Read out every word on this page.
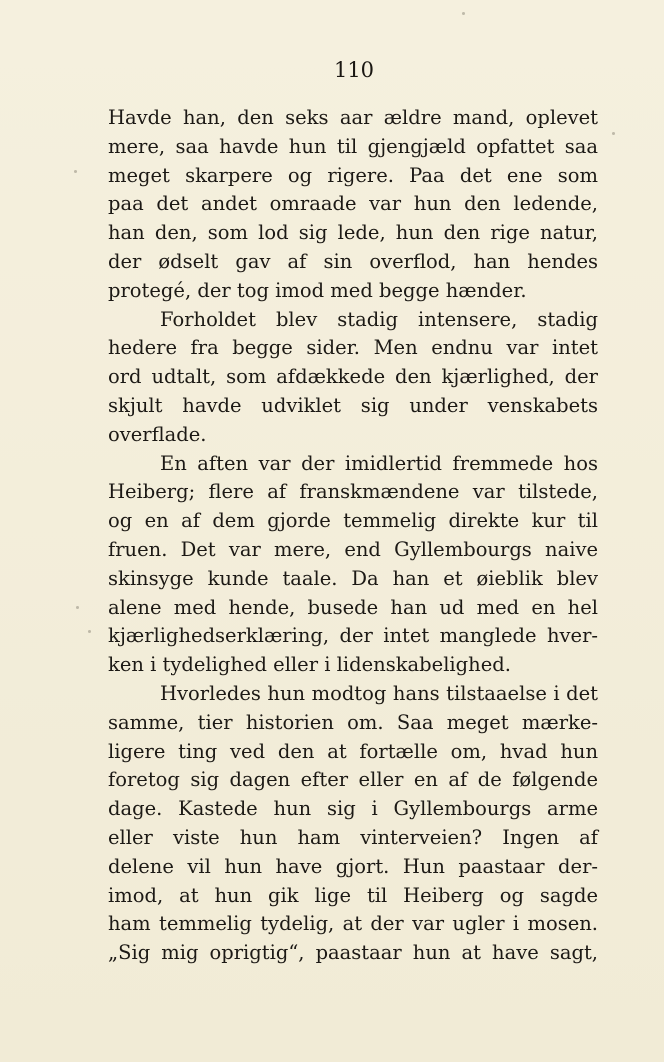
110
Havde han, den seks aar ældre mand, oplevet
mere, saa havde hun til gjengjæld opfattet saa
meget skarpere og rigere. Paa det ene som
paa det andet omraade var hun den ledende,
han den, som lod sig lede, hun den rige natur,
der ødselt gav af sin overflod, han hendes
protegé, der tog imod med begge hænder.
Forholdet blev stadig intensere, stadig
hedere fra begge sider. Men endnu var intet
ord udtalt, som afdækkede den kjærlighed, der
skjult havde udviklet sig under venskabets
overflade.
En aften var der imidlertid fremmede hos
Heiberg; flere af franskmændene var tilstede,
og en af dem gjorde temmelig direkte kur til
fruen. Det var mere, end Gyllembourgs naive
skinsyge kunde taale. Da han et øieblik blev
alene med hende, busede han ud med en hel
kjærlighedserklæring, der intet manglede hver-
ken i tydelighed eller i lidenskabelighed.
Hvorledes hun modtog hans tilstaaelse i det
samme, tier historien om. Saa meget mærke-
ligere ting ved den at fortælle om, hvad hun
foretog sig dagen efter eller en af de følgende
dage. Kastede hun sig i Gyllembourgs arme
eller viste hun ham vinterveien? Ingen af
delene vil hun have gjort. Hun paastaar der-
imod, at hun gik lige til Heiberg og sagde
ham temmelig tydelig, at der var ugler i mosen.
„Sig mig oprigtig“, paastaar hun at have sagt,
